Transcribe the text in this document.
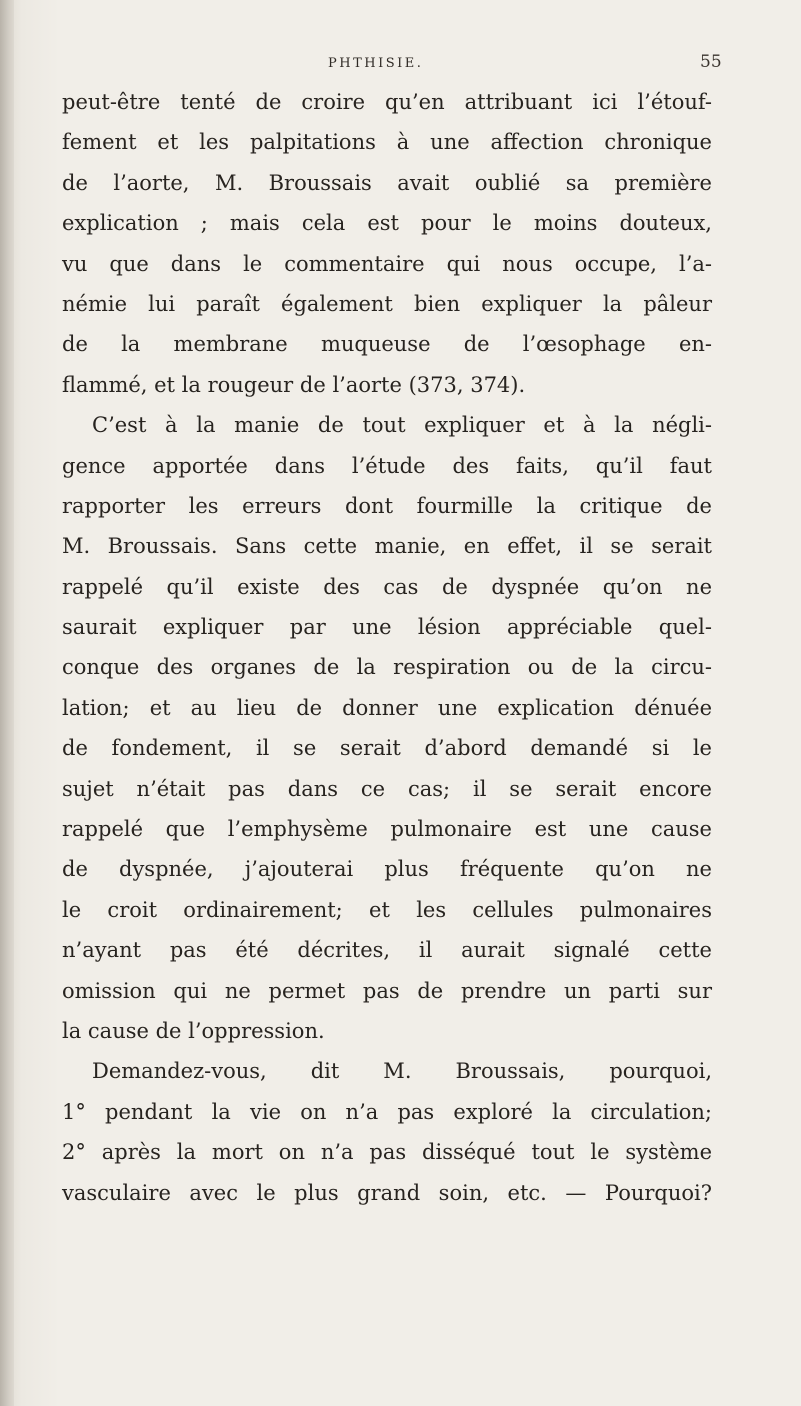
PHTHISIE.	55
peut-être tenté de croire qu’en attribuant ici l’étouf-
fement et les palpitations à une affection chronique
de l’aorte, M. Broussais avait oublié sa première
explication ; mais cela est pour le moins douteux,
vu que dans le commentaire qui nous occupe, l’a-
némie lui paraît également bien expliquer la pâleur
de la membrane muqueuse de l’œsophage en-
flammé, et la rougeur de l’aorte (373, 374).
C’est à la manie de tout expliquer et à la négli-
gence apportée dans l’étude des faits, qu’il faut
rapporter les erreurs dont fourmille la critique de
M. Broussais. Sans cette manie, en effet, il se serait
rappelé qu’il existe des cas de dyspnée qu’on ne
saurait expliquer par une lésion appréciable quel-
conque des organes de la respiration ou de la circu-
lation; et au lieu de donner une explication dénuée
de fondement, il se serait d’abord demandé si le
sujet n’était pas dans ce cas; il se serait encore
rappelé que l’emphysème pulmonaire est une cause
de dyspnée, j’ajouterai plus fréquente qu’on ne
le croit ordinairement; et les cellules pulmonaires
n’ayant pas été décrites, il aurait signalé cette
omission qui ne permet pas de prendre un parti sur
la cause de l’oppression.
Demandez-vous, dit M. Broussais, pourquoi,
1° pendant la vie on n’a pas exploré la circulation;
2° après la mort on n’a pas disséqué tout le système
vasculaire avec le plus grand soin, etc. — Pourquoi?
